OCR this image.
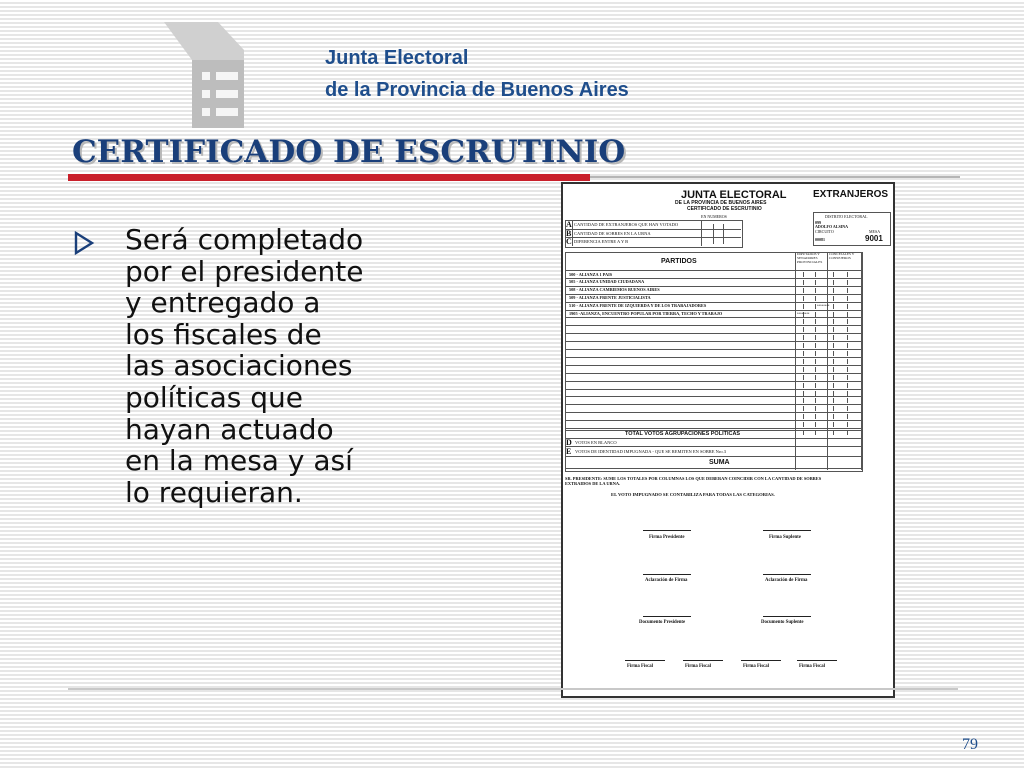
Junta Electoral
de la Provincia de Buenos Aires
CERTIFICADO DE ESCRUTINIO
Será completado por el presidente y entregado a los fiscales de las asociaciones políticas que hayan actuado en la mesa y así lo requieran.
JUNTA ELECTORAL
DE LA PROVINCIA DE BUENOS AIRES
CERTIFICADO DE ESCRUTINIO
EXTRANJEROS
EN NUMEROS	DISTRITO ELECTORAL
099
ADOLFO ALSINA
CIRCUITO
00081
MESA
9001
A CANTIDAD DE EXTRANJEROS QUE HAN VOTADO
B CANTIDAD DE SOBRES EN LA URNA
C DIFERENCIA ENTRE A Y B
PARTIDOS
DIPUTADOS Y SENADORES PROVINCIALES
CONCEJALES Y CONSEJEROS
500 - ALIANZA 1 PAIS
505 - ALIANZA UNIDAD CIUDADANA
508 - ALIANZA CAMBIEMOS BUENOS AIRES
509 - ALIANZA FRENTE JUSTICIALISTA
510 - ALIANZA FRENTE DE IZQUIERDA Y DE LOS TRABAJADORES
1905 -ALIANZA, ENCUENTRO POPULAR POR TIERRA, TECHO Y TRABAJO
********
********
TOTAL VOTOS AGRUPACIONES POLITICAS
D VOTOS EN BLANCO
E VOTOS DE IDENTIDAD IMPUGNADA - QUE SE REMITEN EN SOBRE Nro.3
SUMA
SR. PRESIDENTE: SUME LOS TOTALES POR COLUMNAS LOS QUE DEBERAN COINCIDIR CON LA CANTIDAD DE SOBRES
EXTRAIDOS DE LA URNA.
EL VOTO IMPUGNADO SE CONTABILIZA PARA TODAS LAS CATEGORIAS.
Firma Presidente	Firma Suplente
Aclaración de Firma	Aclaración de Firma
Documento Presidente	Documento Suplente
Firma Fiscal	Firma Fiscal	Firma Fiscal	Firma Fiscal
79
